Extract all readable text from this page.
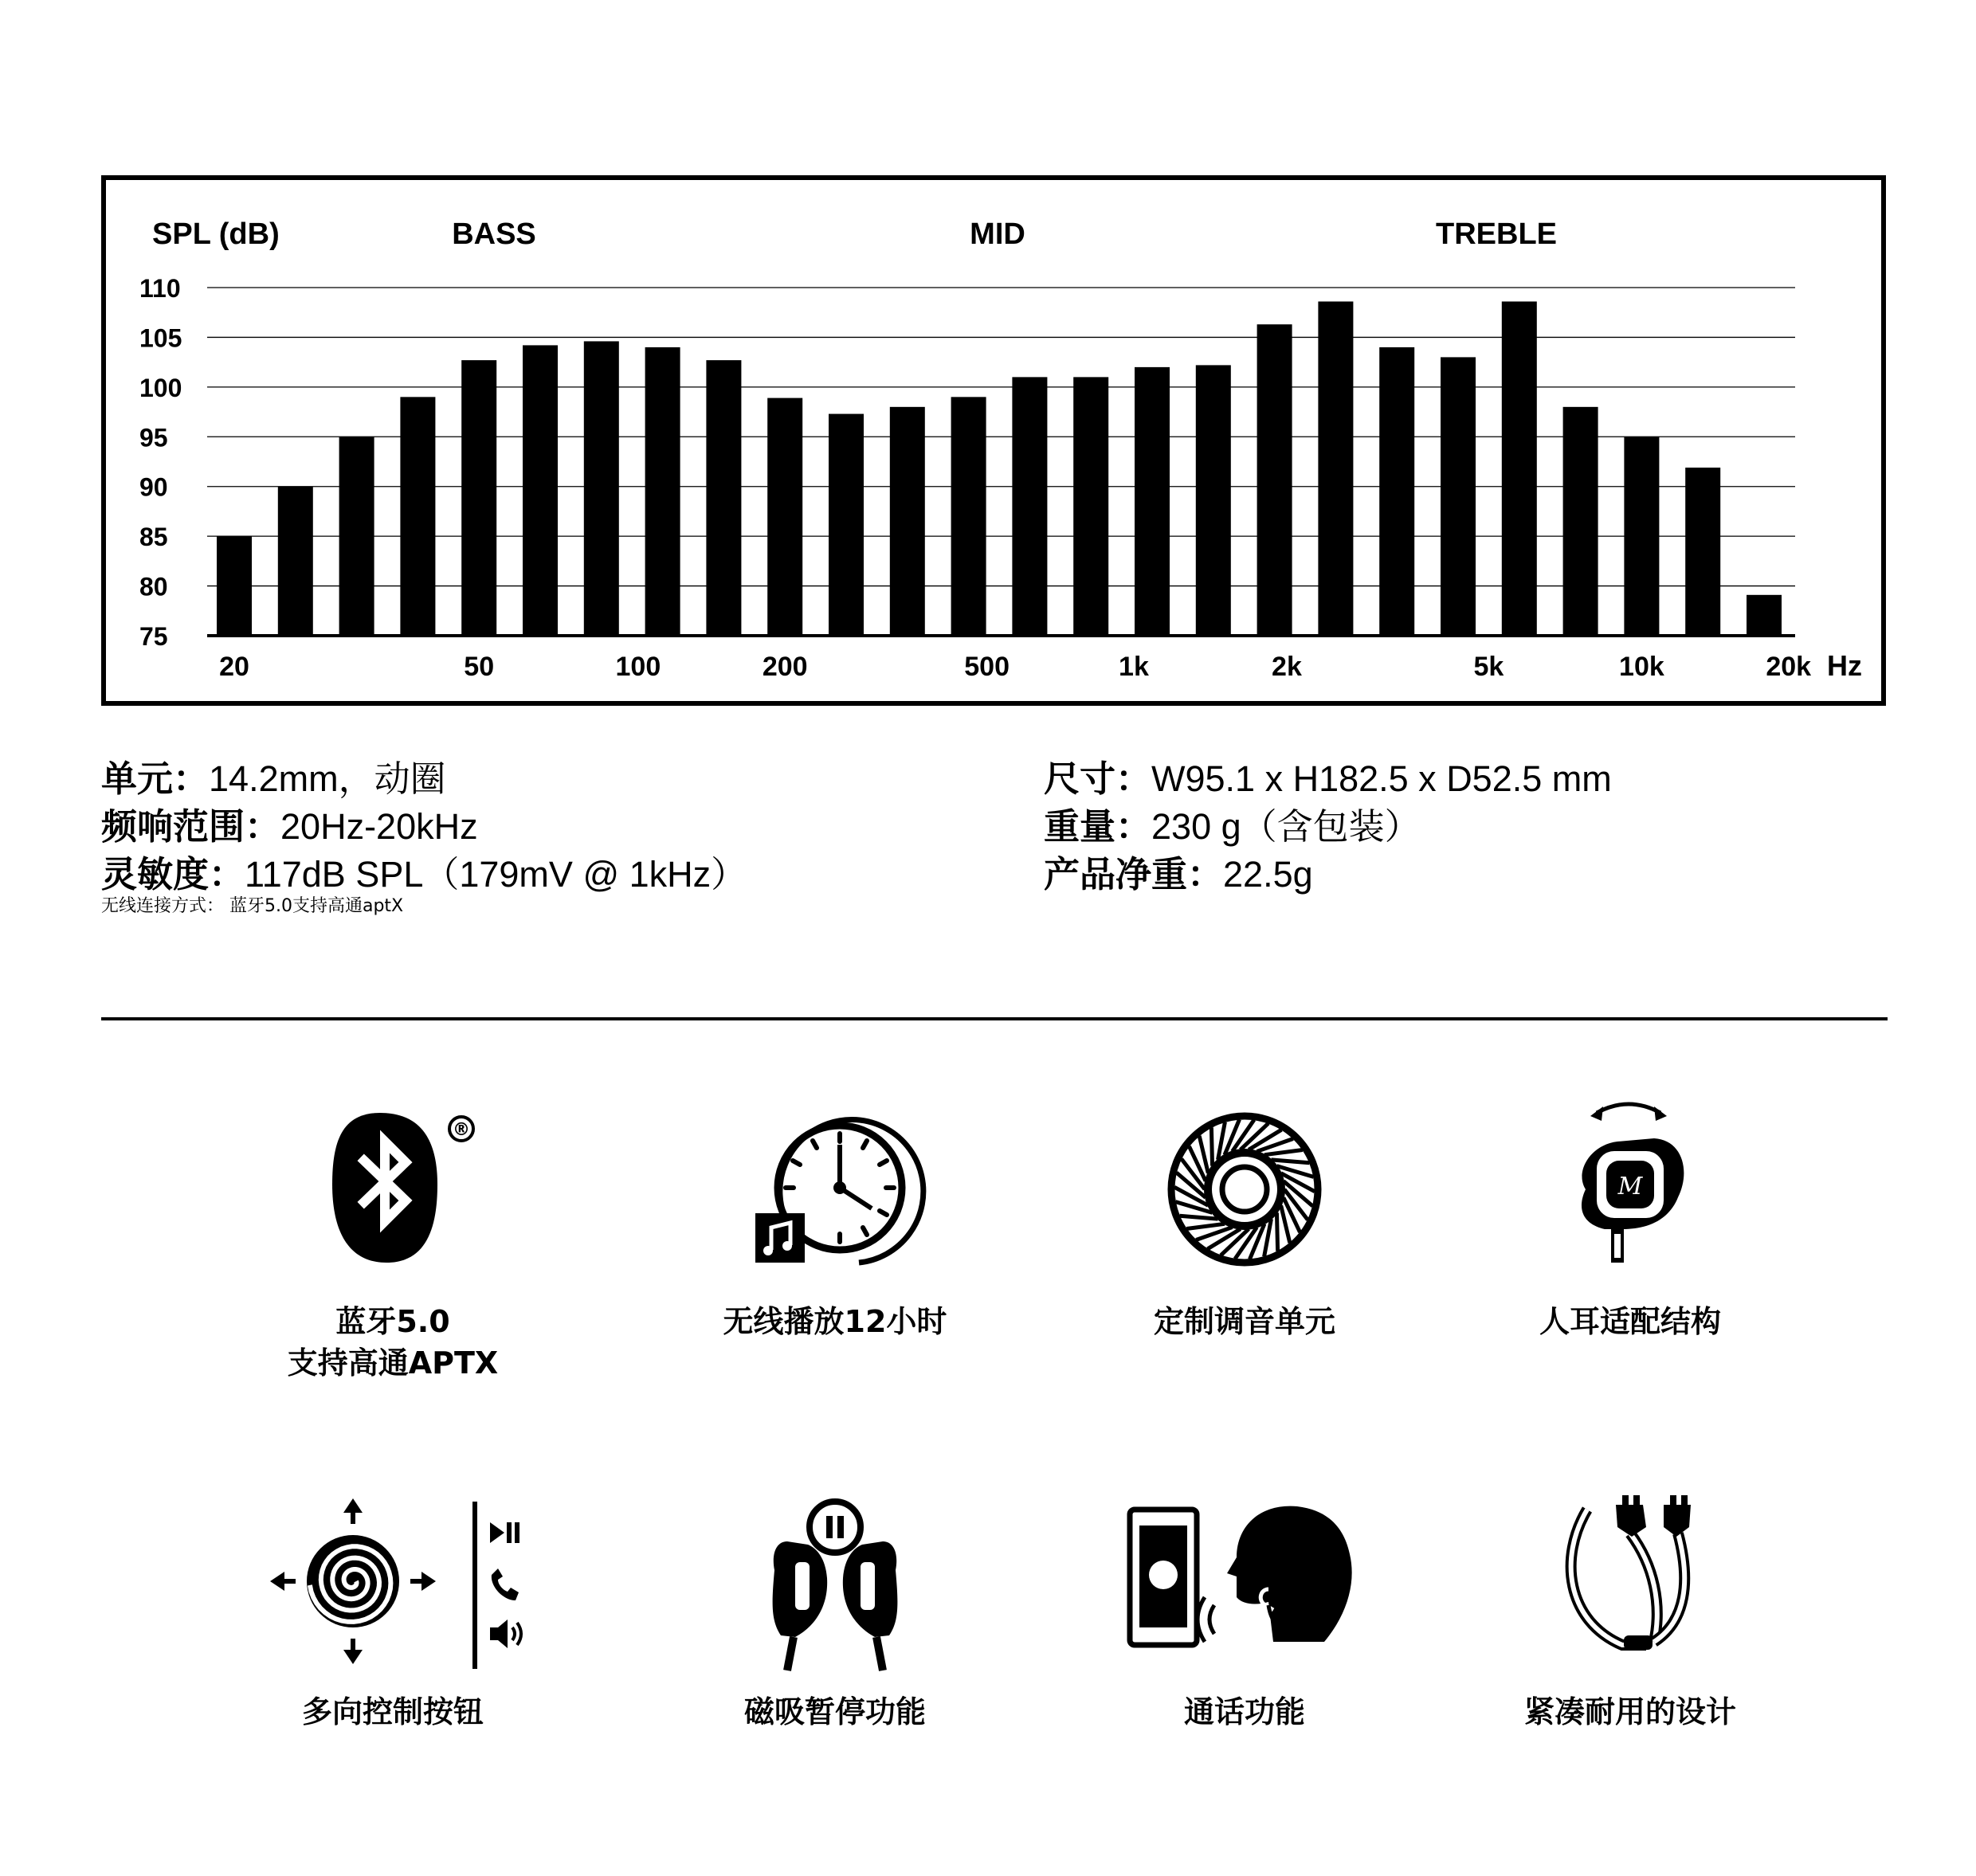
110
105
100
95
90
85
80
75
20	50	100	200	500	1k	2k	5k	10k	20k Hz
SPL (dB)	BASS	MID	TREBLE
单元：14.2mm，动圈
频响范围：20Hz-20kHz
灵敏度：117dB SPL（179mV @ 1kHz）
尺寸：W95.1 x H182.5 x D52.5 mm
重量：230 g（含包装）
产品净重：22.5g
无线连接方式： 蓝牙5.0支持高通aptX
®
蓝牙5.0
支持高通APTX
无线播放12小时	定制调音单元
M
人耳适配结构
多向控制按钮	磁吸暂停功能	通话功能	紧凑耐用的设计
